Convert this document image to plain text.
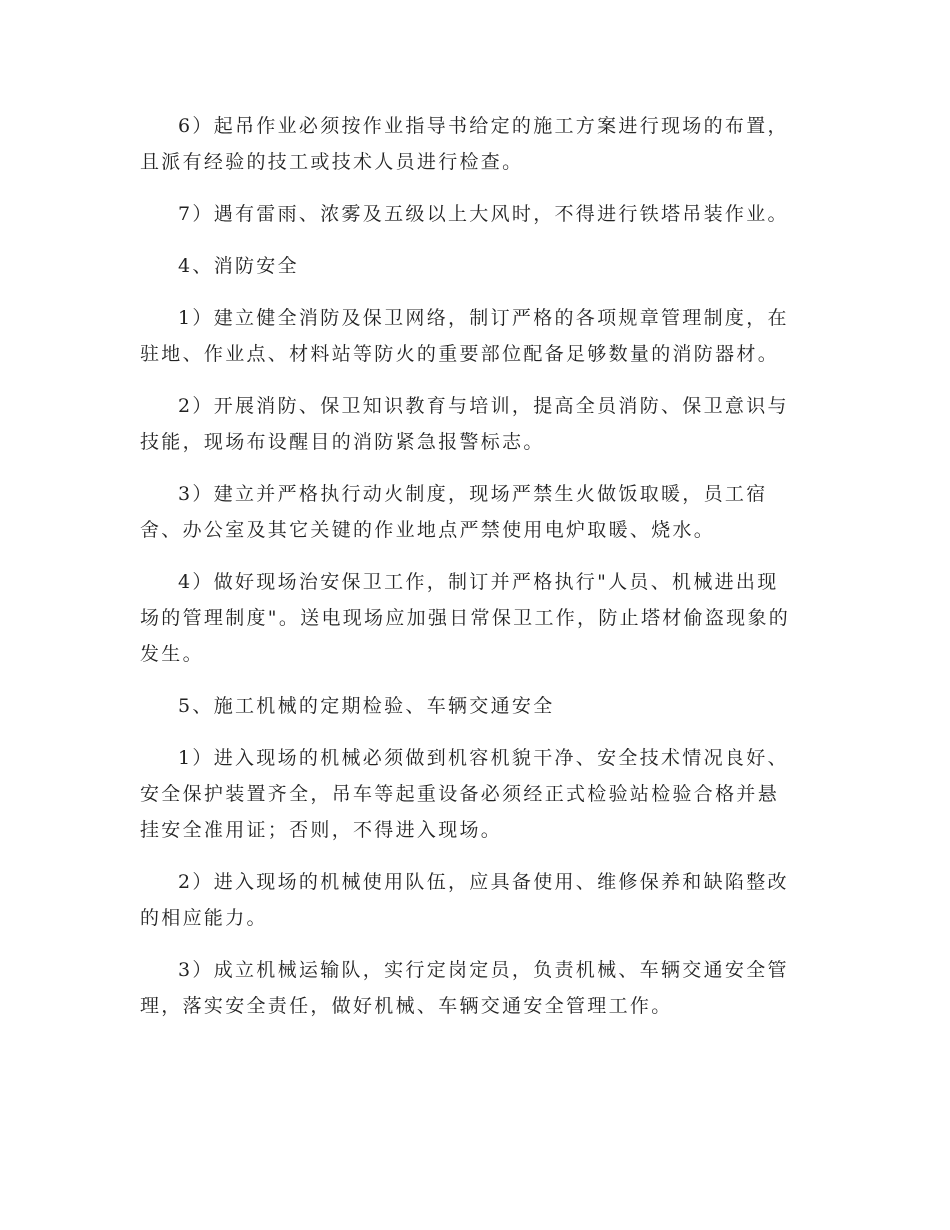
6）起吊作业必须按作业指导书给定的施工方案进行现场的布置，
且派有经验的技工或技术人员进行检查。

7）遇有雷雨、浓雾及五级以上大风时，不得进行铁塔吊装作业。

4、消防安全

1）建立健全消防及保卫网络，制订严格的各项规章管理制度，在
驻地、作业点、材料站等防火的重要部位配备足够数量的消防器材。

2）开展消防、保卫知识教育与培训，提高全员消防、保卫意识与
技能，现场布设醒目的消防紧急报警标志。

3）建立并严格执行动火制度，现场严禁生火做饭取暖，员工宿
舍、办公室及其它关键的作业地点严禁使用电炉取暖、烧水。

4）做好现场治安保卫工作，制订并严格执行"人员、机械进出现
场的管理制度"。送电现场应加强日常保卫工作，防止塔材偷盗现象的
发生。

5、施工机械的定期检验、车辆交通安全

1）进入现场的机械必须做到机容机貌干净、安全技术情况良好、
安全保护装置齐全，吊车等起重设备必须经正式检验站检验合格并悬
挂安全准用证；否则，不得进入现场。

2）进入现场的机械使用队伍，应具备使用、维修保养和缺陷整改
的相应能力。

3）成立机械运输队，实行定岗定员，负责机械、车辆交通安全管
理，落实安全责任，做好机械、车辆交通安全管理工作。
